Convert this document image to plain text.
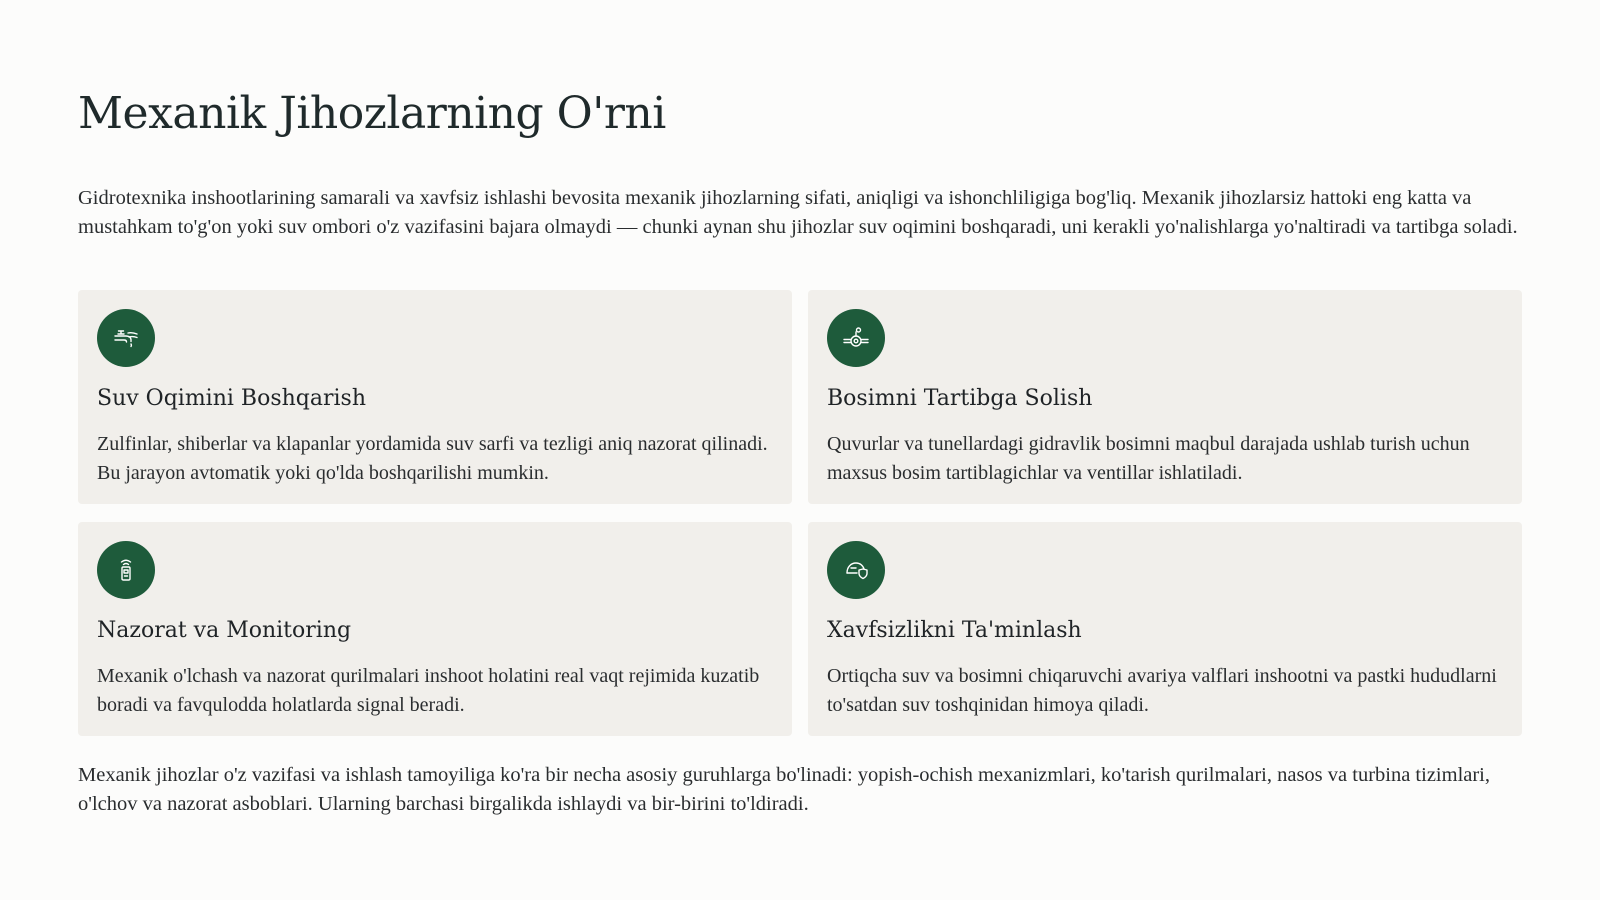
Mexanik Jihozlarning O'rni

Gidrotexnika inshootlarining samarali va xavfsiz ishlashi bevosita mexanik jihozlarning sifati, aniqligi va ishonchliligiga bog'liq. Mexanik jihozlarsiz hattoki eng katta va mustahkam to'g'on yoki suv ombori o'z vazifasini bajara olmaydi — chunki aynan shu jihozlar suv oqimini boshqaradi, uni kerakli yo'nalishlarga yo'naltiradi va tartibga soladi.

Suv Oqimini Boshqarish

Zulfinlar, shiberlar va klapanlar yordamida suv sarfi va tezligi aniq nazorat qilinadi. Bu jarayon avtomatik yoki qo'lda boshqarilishi mumkin.

Bosimni Tartibga Solish

Quvurlar va tunellardagi gidravlik bosimni maqbul darajada ushlab turish uchun maxsus bosim tartiblagichlar va ventillar ishlatiladi.

Nazorat va Monitoring

Mexanik o'lchash va nazorat qurilmalari inshoot holatini real vaqt rejimida kuzatib boradi va favqulodda holatlarda signal beradi.

Xavfsizlikni Ta'minlash

Ortiqcha suv va bosimni chiqaruvchi avariya valflari inshootni va pastki hududlarni to'satdan suv toshqinidan himoya qiladi.

Mexanik jihozlar o'z vazifasi va ishlash tamoyiliga ko'ra bir necha asosiy guruhlarga bo'linadi: yopish-ochish mexanizmlari, ko'tarish qurilmalari, nasos va turbina tizimlari, o'lchov va nazorat asboblari. Ularning barchasi birgalikda ishlaydi va bir-birini to'ldiradi.
